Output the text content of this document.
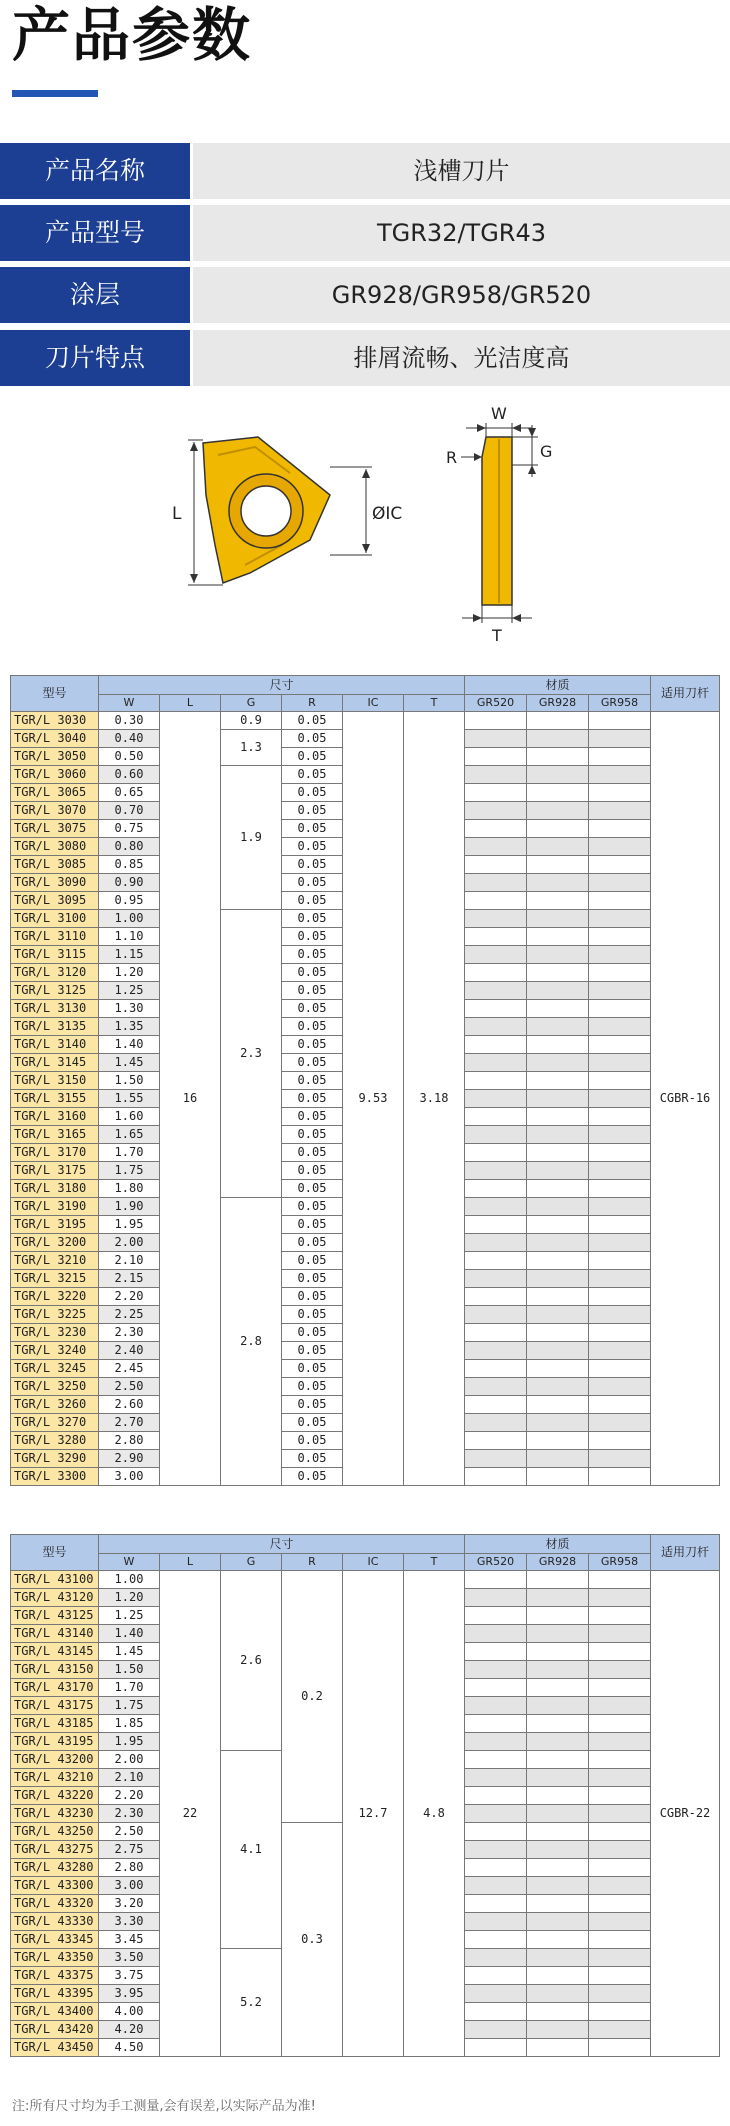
产品参数
产品名称	浅槽刀片
产品型号	TGR32/TGR43
涂层	GR928/GR958/GR520
刀片特点	排屑流畅、光洁度高
L	ØIC
W
R	G
T
型号	尺寸						材质			适用刀杆
	W	L	G	R	IC	T	GR520	GR928	GR958	
TGR/L 3030	0.30	16	0.9	0.05	9.53	3.18				CGBR-16
TGR/L 3040	0.40		1.3	0.05						
TGR/L 3050	0.50			0.05						
TGR/L 3060	0.60		1.9	0.05						
TGR/L 3065	0.65			0.05						
TGR/L 3070	0.70			0.05						
TGR/L 3075	0.75			0.05						
TGR/L 3080	0.80			0.05						
TGR/L 3085	0.85			0.05						
TGR/L 3090	0.90			0.05						
TGR/L 3095	0.95			0.05						
TGR/L 3100	1.00		2.3	0.05						
TGR/L 3110	1.10			0.05						
TGR/L 3115	1.15			0.05						
TGR/L 3120	1.20			0.05						
TGR/L 3125	1.25			0.05						
TGR/L 3130	1.30			0.05						
TGR/L 3135	1.35			0.05						
TGR/L 3140	1.40			0.05						
TGR/L 3145	1.45			0.05						
TGR/L 3150	1.50			0.05						
TGR/L 3155	1.55			0.05						
TGR/L 3160	1.60			0.05						
TGR/L 3165	1.65			0.05						
TGR/L 3170	1.70			0.05						
TGR/L 3175	1.75			0.05						
TGR/L 3180	1.80			0.05						
TGR/L 3190	1.90		2.8	0.05						
TGR/L 3195	1.95			0.05						
TGR/L 3200	2.00			0.05						
TGR/L 3210	2.10			0.05						
TGR/L 3215	2.15			0.05						
TGR/L 3220	2.20			0.05						
TGR/L 3225	2.25			0.05						
TGR/L 3230	2.30			0.05						
TGR/L 3240	2.40			0.05						
TGR/L 3245	2.45			0.05						
TGR/L 3250	2.50			0.05						
TGR/L 3260	2.60			0.05						
TGR/L 3270	2.70			0.05						
TGR/L 3280	2.80			0.05						
TGR/L 3290	2.90			0.05						
TGR/L 3300	3.00			0.05						
型号	尺寸						材质			适用刀杆
	W	L	G	R	IC	T	GR520	GR928	GR958	
TGR/L 43100	1.00	22	2.6	0.2	12.7	4.8				CGBR-22
TGR/L 43120	1.20									
TGR/L 43125	1.25									
TGR/L 43140	1.40									
TGR/L 43145	1.45									
TGR/L 43150	1.50									
TGR/L 43170	1.70									
TGR/L 43175	1.75									
TGR/L 43185	1.85									
TGR/L 43195	1.95									
TGR/L 43200	2.00		4.1							
TGR/L 43210	2.10									
TGR/L 43220	2.20									
TGR/L 43230	2.30									
TGR/L 43250	2.50			0.3						
TGR/L 43275	2.75									
TGR/L 43280	2.80									
TGR/L 43300	3.00									
TGR/L 43320	3.20									
TGR/L 43330	3.30									
TGR/L 43345	3.45									
TGR/L 43350	3.50		5.2							
TGR/L 43375	3.75									
TGR/L 43395	3.95									
TGR/L 43400	4.00									
TGR/L 43420	4.20									
TGR/L 43450	4.50									
注:所有尺寸均为手工测量,会有误差,以实际产品为准!
